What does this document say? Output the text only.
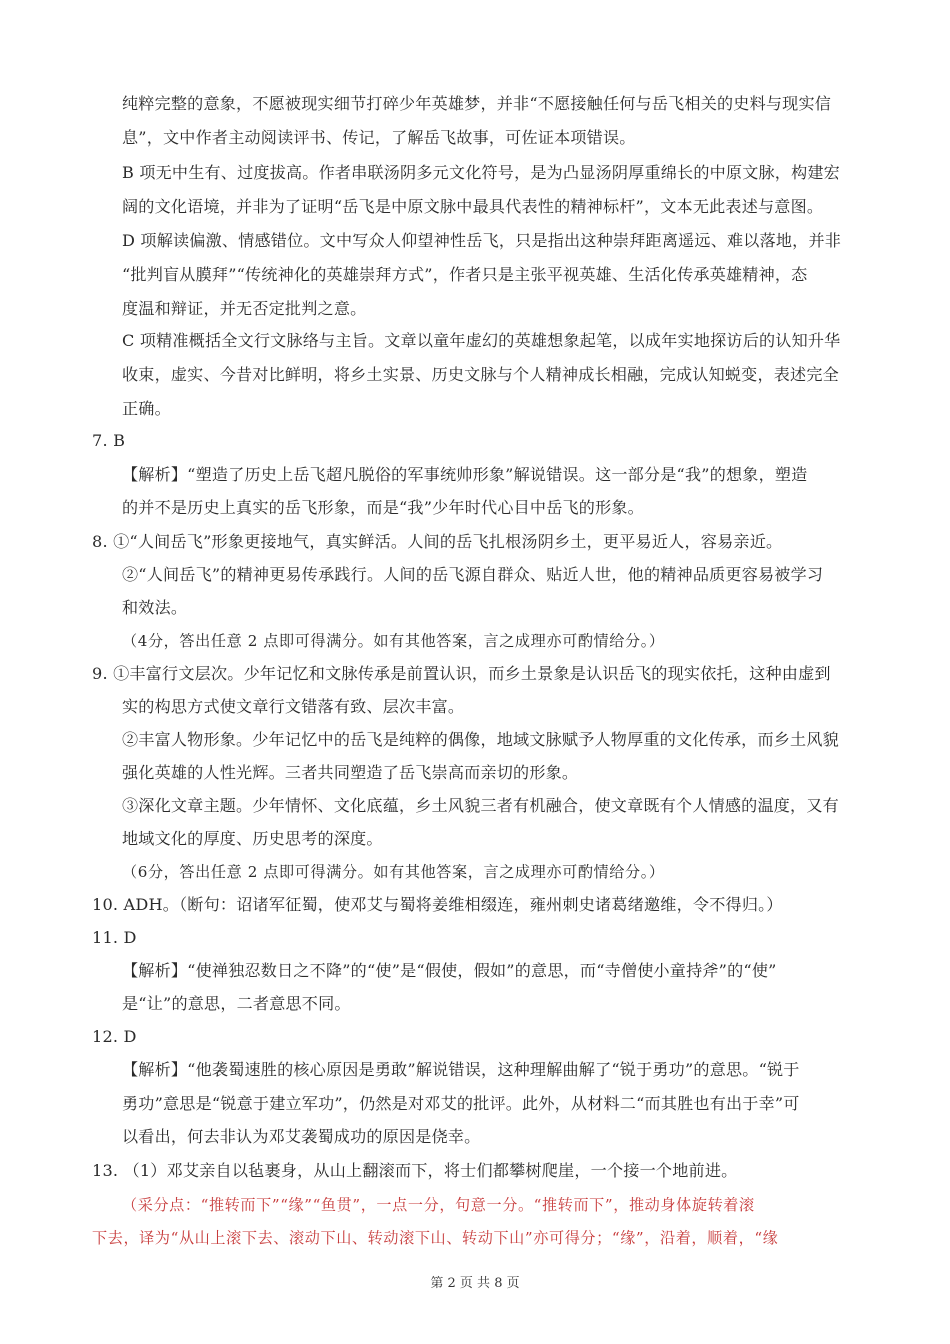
纯粹完整的意象，不愿被现实细节打碎少年英雄梦，并非“不愿接触任何与岳飞相关的史料与现实信
息”，文中作者主动阅读评书、传记，了解岳飞故事，可佐证本项错误。
B 项无中生有、过度拔高。作者串联汤阴多元文化符号，是为凸显汤阴厚重绵长的中原文脉，构建宏
阔的文化语境，并非为了证明“岳飞是中原文脉中最具代表性的精神标杆”，文本无此表述与意图。
D 项解读偏激、情感错位。文中写众人仰望神性岳飞，只是指出这种崇拜距离遥远、难以落地，并非
“批判盲从膜拜”“传统神化的英雄崇拜方式”，作者只是主张平视英雄、生活化传承英雄精神，态
度温和辩证，并无否定批判之意。
C 项精准概括全文行文脉络与主旨。文章以童年虚幻的英雄想象起笔，以成年实地探访后的认知升华
收束，虚实、今昔对比鲜明，将乡土实景、历史文脉与个人精神成长相融，完成认知蜕变，表述完全
正确。
7. B
【解析】“塑造了历史上岳飞超凡脱俗的军事统帅形象”解说错误。这一部分是“我”的想象，塑造
的并不是历史上真实的岳飞形象，而是“我”少年时代心目中岳飞的形象。
8. ①“人间岳飞”形象更接地气，真实鲜活。人间的岳飞扎根汤阴乡土，更平易近人，容易亲近。
②“人间岳飞”的精神更易传承践行。人间的岳飞源自群众、贴近人世，他的精神品质更容易被学习
和效法。
（4分，答出任意 2 点即可得满分。如有其他答案，言之成理亦可酌情给分。）
9. ①丰富行文层次。少年记忆和文脉传承是前置认识，而乡土景象是认识岳飞的现实依托，这种由虚到
实的构思方式使文章行文错落有致、层次丰富。
②丰富人物形象。少年记忆中的岳飞是纯粹的偶像，地域文脉赋予人物厚重的文化传承，而乡土风貌
强化英雄的人性光辉。三者共同塑造了岳飞崇高而亲切的形象。
③深化文章主题。少年情怀、文化底蕴，乡土风貌三者有机融合，使文章既有个人情感的温度，又有
地域文化的厚度、历史思考的深度。
（6分，答出任意 2 点即可得满分。如有其他答案，言之成理亦可酌情给分。）
10. ADH。（断句：诏诸军征蜀，使邓艾与蜀将姜维相缀连，雍州刺史诸葛绪邀维，令不得归。）
11. D
【解析】“使禅独忍数日之不降”的“使”是“假使，假如”的意思，而“寺僧使小童持斧”的“使”
是“让”的意思，二者意思不同。
12. D
【解析】“他袭蜀速胜的核心原因是勇敢”解说错误，这种理解曲解了“锐于勇功”的意思。“锐于
勇功”意思是“锐意于建立军功”，仍然是对邓艾的批评。此外，从材料二“而其胜也有出于幸”可
以看出，何去非认为邓艾袭蜀成功的原因是侥幸。
13. （1）邓艾亲自以毡裹身，从山上翻滚而下，将士们都攀树爬崖，一个接一个地前进。
（采分点：“推转而下”“缘”“鱼贯”，一点一分，句意一分。“推转而下”，推动身体旋转着滚
下去，译为“从山上滚下去、滚动下山、转动滚下山、转动下山”亦可得分；“缘”，沿着，顺着，“缘
第 2 页 共 8 页
